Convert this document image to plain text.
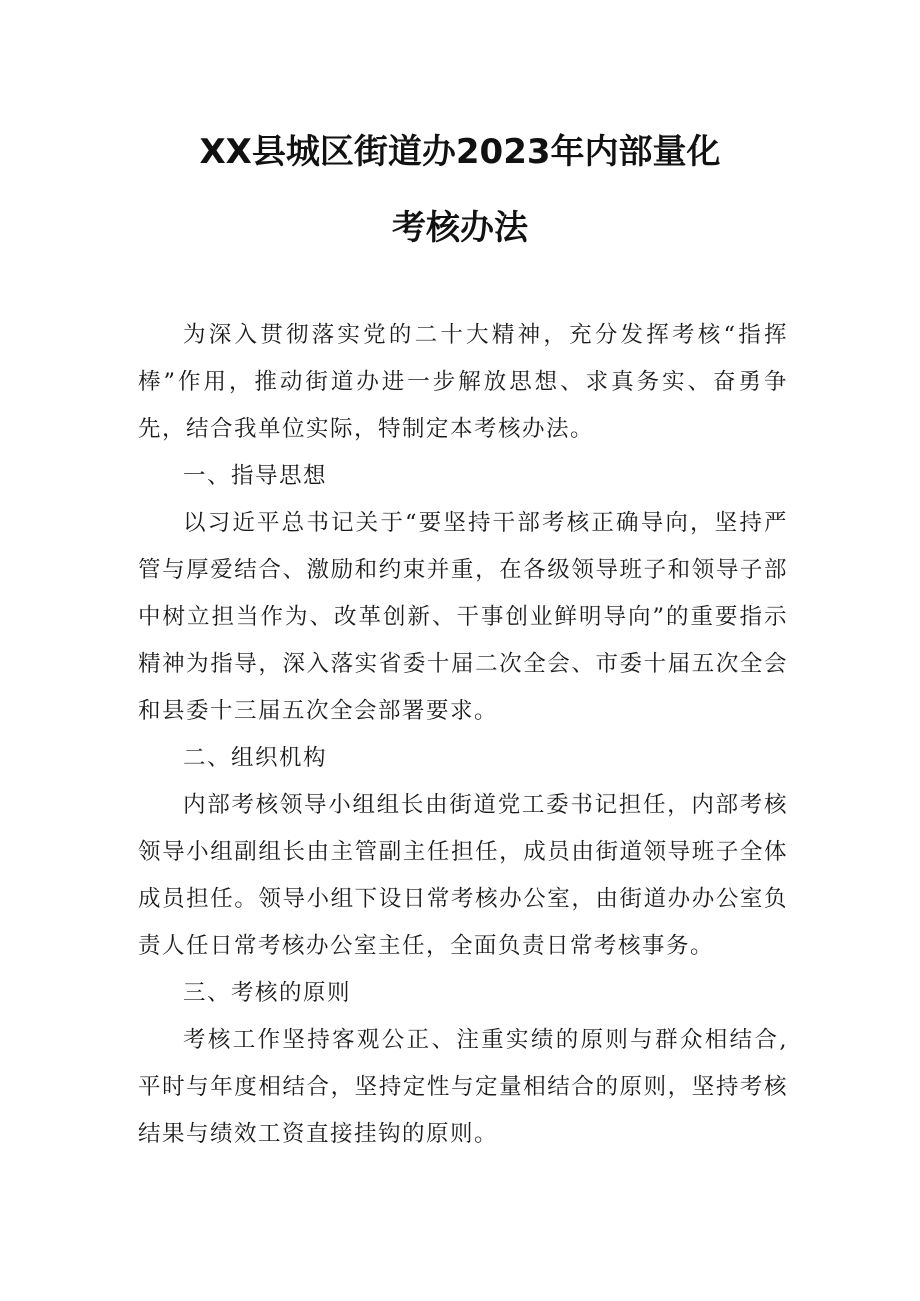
XX县城区街道办2023年内部量化
考核办法

为深入贯彻落实党的二十大精神，充分发挥考核“指挥棒”作用，推动街道办进一步解放思想、求真务实、奋勇争先，结合我单位实际，特制定本考核办法。

一、指导思想

以习近平总书记关于“要坚持干部考核正确导向，坚持严管与厚爱结合、激励和约束并重，在各级领导班子和领导子部中树立担当作为、改革创新、干事创业鲜明导向”的重要指示精神为指导，深入落实省委十届二次全会、市委十届五次全会和县委十三届五次全会部署要求。

二、组织机构

内部考核领导小组组长由街道党工委书记担任，内部考核领导小组副组长由主管副主任担任，成员由街道领导班子全体成员担任。领导小组下设日常考核办公室，由街道办办公室负责人任日常考核办公室主任，全面负责日常考核事务。

三、考核的原则

考核工作坚持客观公正、注重实绩的原则与群众相结合,平时与年度相结合，坚持定性与定量相结合的原则，坚持考核结果与绩效工资直接挂钩的原则。
